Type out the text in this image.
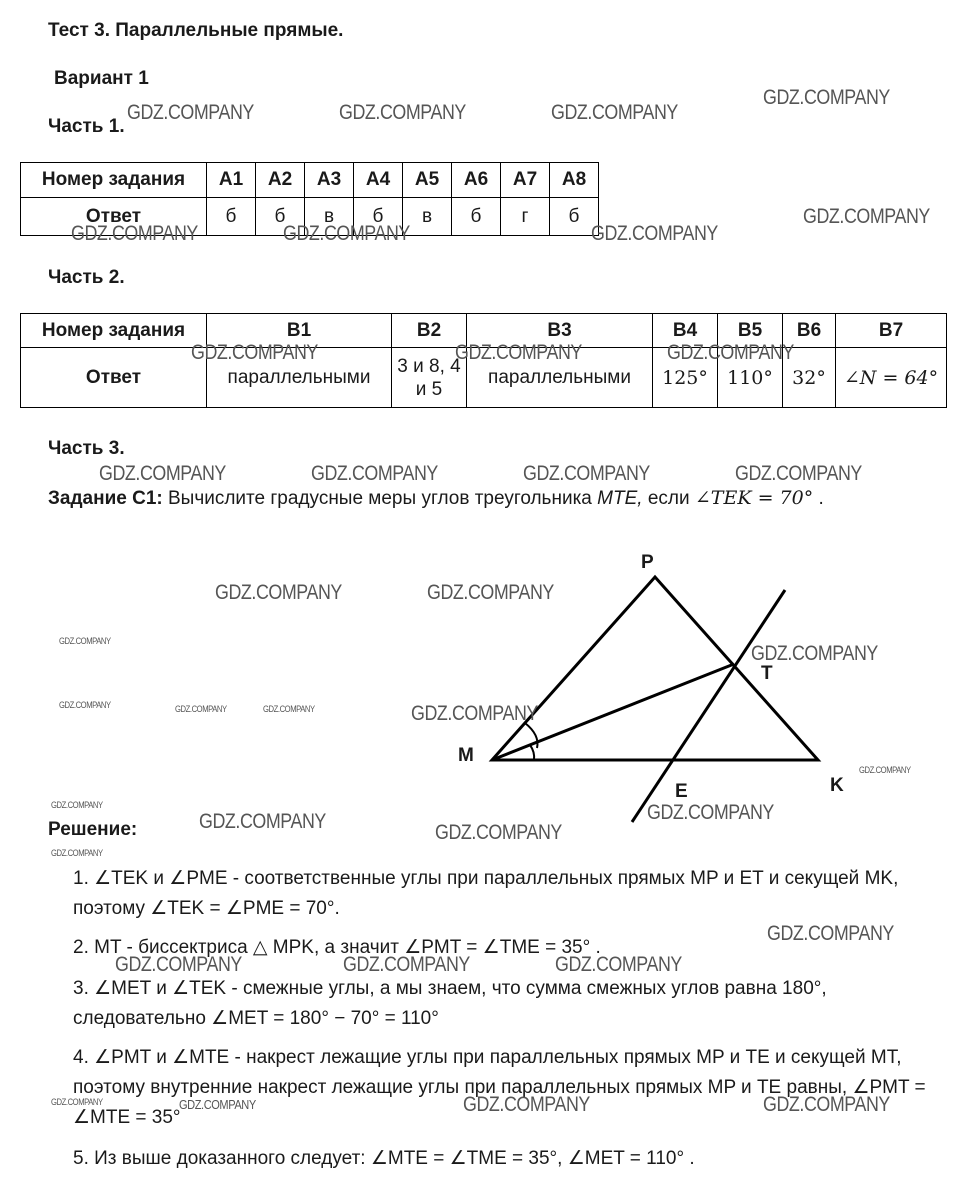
Тест 3. Параллельные прямые.
Вариант 1
Часть 1.
Номер задания	A1	A2	A3	A4	A5	A6	A7	A8
Ответ	б	б	в	б	в	б	г	б
Часть 2.
Номер задания	B1	B2	B3	B4	B5	B6	B7
Ответ	параллельными	3 и 8, 4 и 5	параллельными	125°	110°	32°	∠N = 64°
Часть 3.
Задание С1: Вычислите градусные меры углов треугольника MTE, если ∠TEK = 70° .
P
M
K
T
E
Решение:
1. ∠TEK и ∠PME - соответственные углы при параллельных прямых MP и ET и секущей MK, поэтому ∠TEK = ∠PME = 70°.
2. MT - биссектриса △ MPK, а значит ∠PMT = ∠TME = 35° .
3. ∠MET и ∠TEK - смежные углы, а мы знаем, что сумма смежных углов равна 180°, следовательно ∠MET = 180° − 70° = 110°
4. ∠PMT и ∠MTE - накрест лежащие углы при параллельных прямых MP и TE и секущей MT, поэтому внутренние накрест лежащие углы при параллельных прямых MP и TE равны, ∠PMT = ∠MTE = 35°
5. Из выше доказанного следует: ∠MTE = ∠TME = 35°, ∠MET = 110° .
GDZ.COMPANY	GDZ.COMPANY	GDZ.COMPANY
GDZ.COMPANY
GDZ.COMPANY	GDZ.COMPANY	GDZ.COMPANY
GDZ.COMPANY
GDZ.COMPANY	GDZ.COMPANY	GDZ.COMPANY
GDZ.COMPANY	GDZ.COMPANY	GDZ.COMPANY	GDZ.COMPANY
GDZ.COMPANY	GDZ.COMPANY
GDZ.COMPANY
GDZ.COMPANY
GDZ.COMPANY
GDZ.COMPANY	GDZ.COMPANY
GDZ.COMPANY
GDZ.COMPANY	GDZ.COMPANY	GDZ.COMPANY
GDZ.COMPANY	GDZ.COMPANY
GDZ.COMPANY
GDZ.COMPANY	GDZ.COMPANY	GDZ.COMPANY
GDZ.COMPANY
GDZ.COMPANY
GDZ.COMPANY
GDZ.COMPANY	GDZ.COMPANY
